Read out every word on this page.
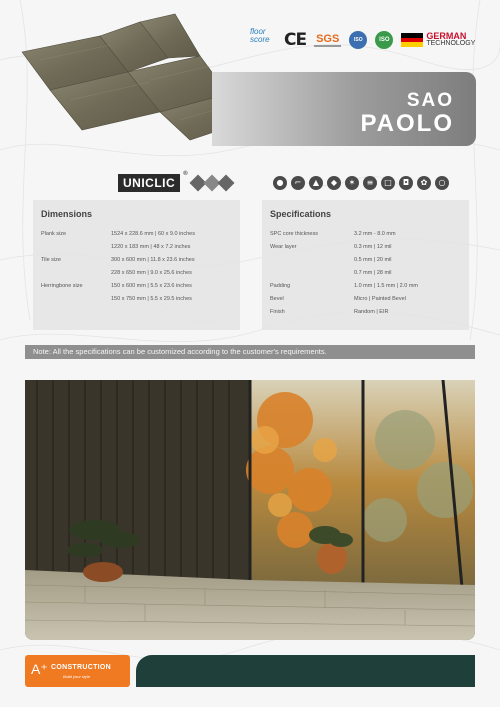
floor score CE SGS	ISO	ISO	GERMAN
TECHNOLOGY
SAO
PAOLO
UNICLIC
®
●	⌐	▲	◆	✶	≡	□	◘	✿	○
Dimensions
Plank size	1524 x 228.6 mm | 60 x 9.0 inches
1220 x 183 mm | 48 x 7.2 inches
Tile size	300 x 600 mm | 11.8 x 23.6 inches
228 x 650 mm | 9.0 x 25.6 inches
Herringbone size	150 x 600 mm | 5.5 x 23.6 inches
150 x 750 mm | 5.5 x 29.5 inches
Specifications
SPC core thickness	3.2 mm - 8.0 mm
Wear layer	0.3 mm | 12 mil
0.5 mm | 20 mil
0.7 mm | 28 mil
Padding	1.0 mm | 1.5 mm | 2.0 mm
Bevel	Micro | Painted Bevel
Finish	Random | EIR
Note: All the specifications can be customized according to the customer's requirements.
A⁺ CONSTRUCTION
Build your style
